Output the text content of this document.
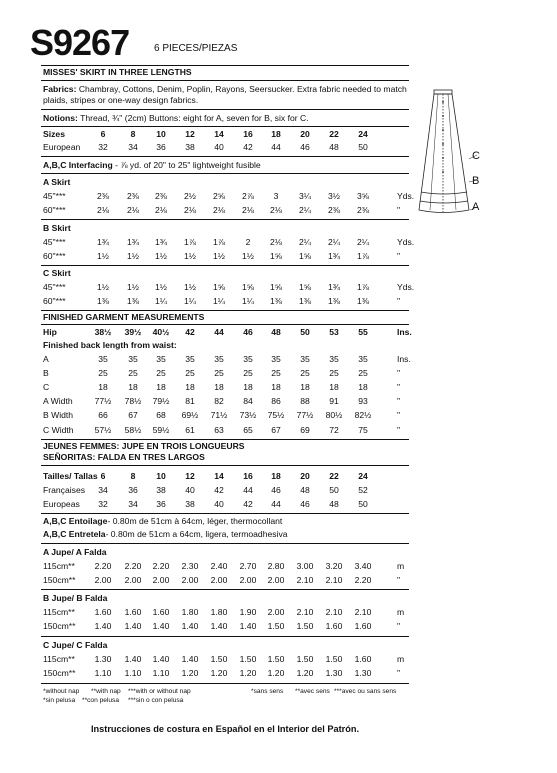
S9267 6 PIECES/PIEZAS
MISSES' SKIRT IN THREE LENGTHS
Fabrics: Chambray, Cottons, Denim, Poplin, Rayons, Seersucker. Extra fabric needed to match plaids, stripes or one-way design fabrics.
Notions: Thread, ¾" (2cm) Buttons: eight for A, seven for B, six for C.
Sizes	6	8	10	12	14	16	18	20	22	24
European	32	34	36	38	40	42	44	46	48	50
A,B,C Interfacing - ⅞ yd. of 20" to 25" lightweight fusible
A Skirt
45"***	2⅜	2⅜	2⅜	2½	2⅝	2⅞	3	3¼	3½	3⅝	Yds.
60"***	2⅛	2⅛	2⅛	2⅛	2⅛	2⅛	2⅛	2¼	2⅜	2⅜	"
B Skirt
45"***	1¾	1¾	1¾	1⅞	1⅞	2	2⅛	2¼	2¼	2¼	Yds.
60"***	1½	1½	1½	1½	1½	1½	1⅝	1⅝	1¾	1⅞	"
C Skirt
45"***	1½	1½	1½	1½	1⅝	1⅝	1⅝	1⅝	1¾	1⅞	Yds.
60"***	1⅜	1⅜	1¼	1¼	1¼	1¼	1⅜	1⅜	1⅜	1⅜	"
FINISHED GARMENT MEASUREMENTS
Hip	38½	39½	40½	42	44	46	48	50	53	55	Ins.
Finished back length from waist:
A	35	35	35	35	35	35	35	35	35	35	Ins.
B	25	25	25	25	25	25	25	25	25	25	"
C	18	18	18	18	18	18	18	18	18	18	"
A Width	77½	78½	79½	81	82	84	86	88	91	93	"
B Width	66	67	68	69½	71½	73½	75½	77½	80½	82½	"
C Width	57½	58½	59½	61	63	65	67	69	72	75	"
JEUNES FEMMES: JUPE EN TROIS LONGUEURS
SEÑORITAS: FALDA EN TRES LARGOS
Tailles/ Tallas 6	8	10	12	14	16	18	20	22	24
Françaises	34	36	38	40	42	44	46	48	50	52
Europeas	32	34	36	38	40	42	44	46	48	50
A,B,C Entoilage- 0.80m de 51cm à 64cm, léger, thermocollant
A,B,C Entretela- 0.80m de 51cm a 64cm, ligera, termoadhesiva
A Jupe/ A Falda
115cm**	2.20	2.20	2.20	2.30	2.40	2.70	2.80	3.00	3.20	3.40	m
150cm**	2.00	2.00	2.00	2.00	2.00	2.00	2.00	2.10	2.10	2.20	"
B Jupe/ B Falda
115cm**	1.60	1.60	1.60	1.80	1.80	1.90	2.00	2.10	2.10	2.10	m
150cm**	1.40	1.40	1.40	1.40	1.40	1.40	1.50	1.50	1.60	1.60	"
C Jupe/ C Falda
115cm**	1.30	1.40	1.40	1.40	1.50	1.50	1.50	1.50	1.50	1.60	m
150cm**	1.10	1.10	1.10	1.20	1.20	1.20	1.20	1.20	1.30	1.30	"
*without nap **with nap ***with or without nap	*sans sens **avec sens ***avec ou sans sens
*sin pelusa **con pelusa ***sin o con pelusa
Instrucciones de costura en Español en el Interior del Patrón.
C
B
A
